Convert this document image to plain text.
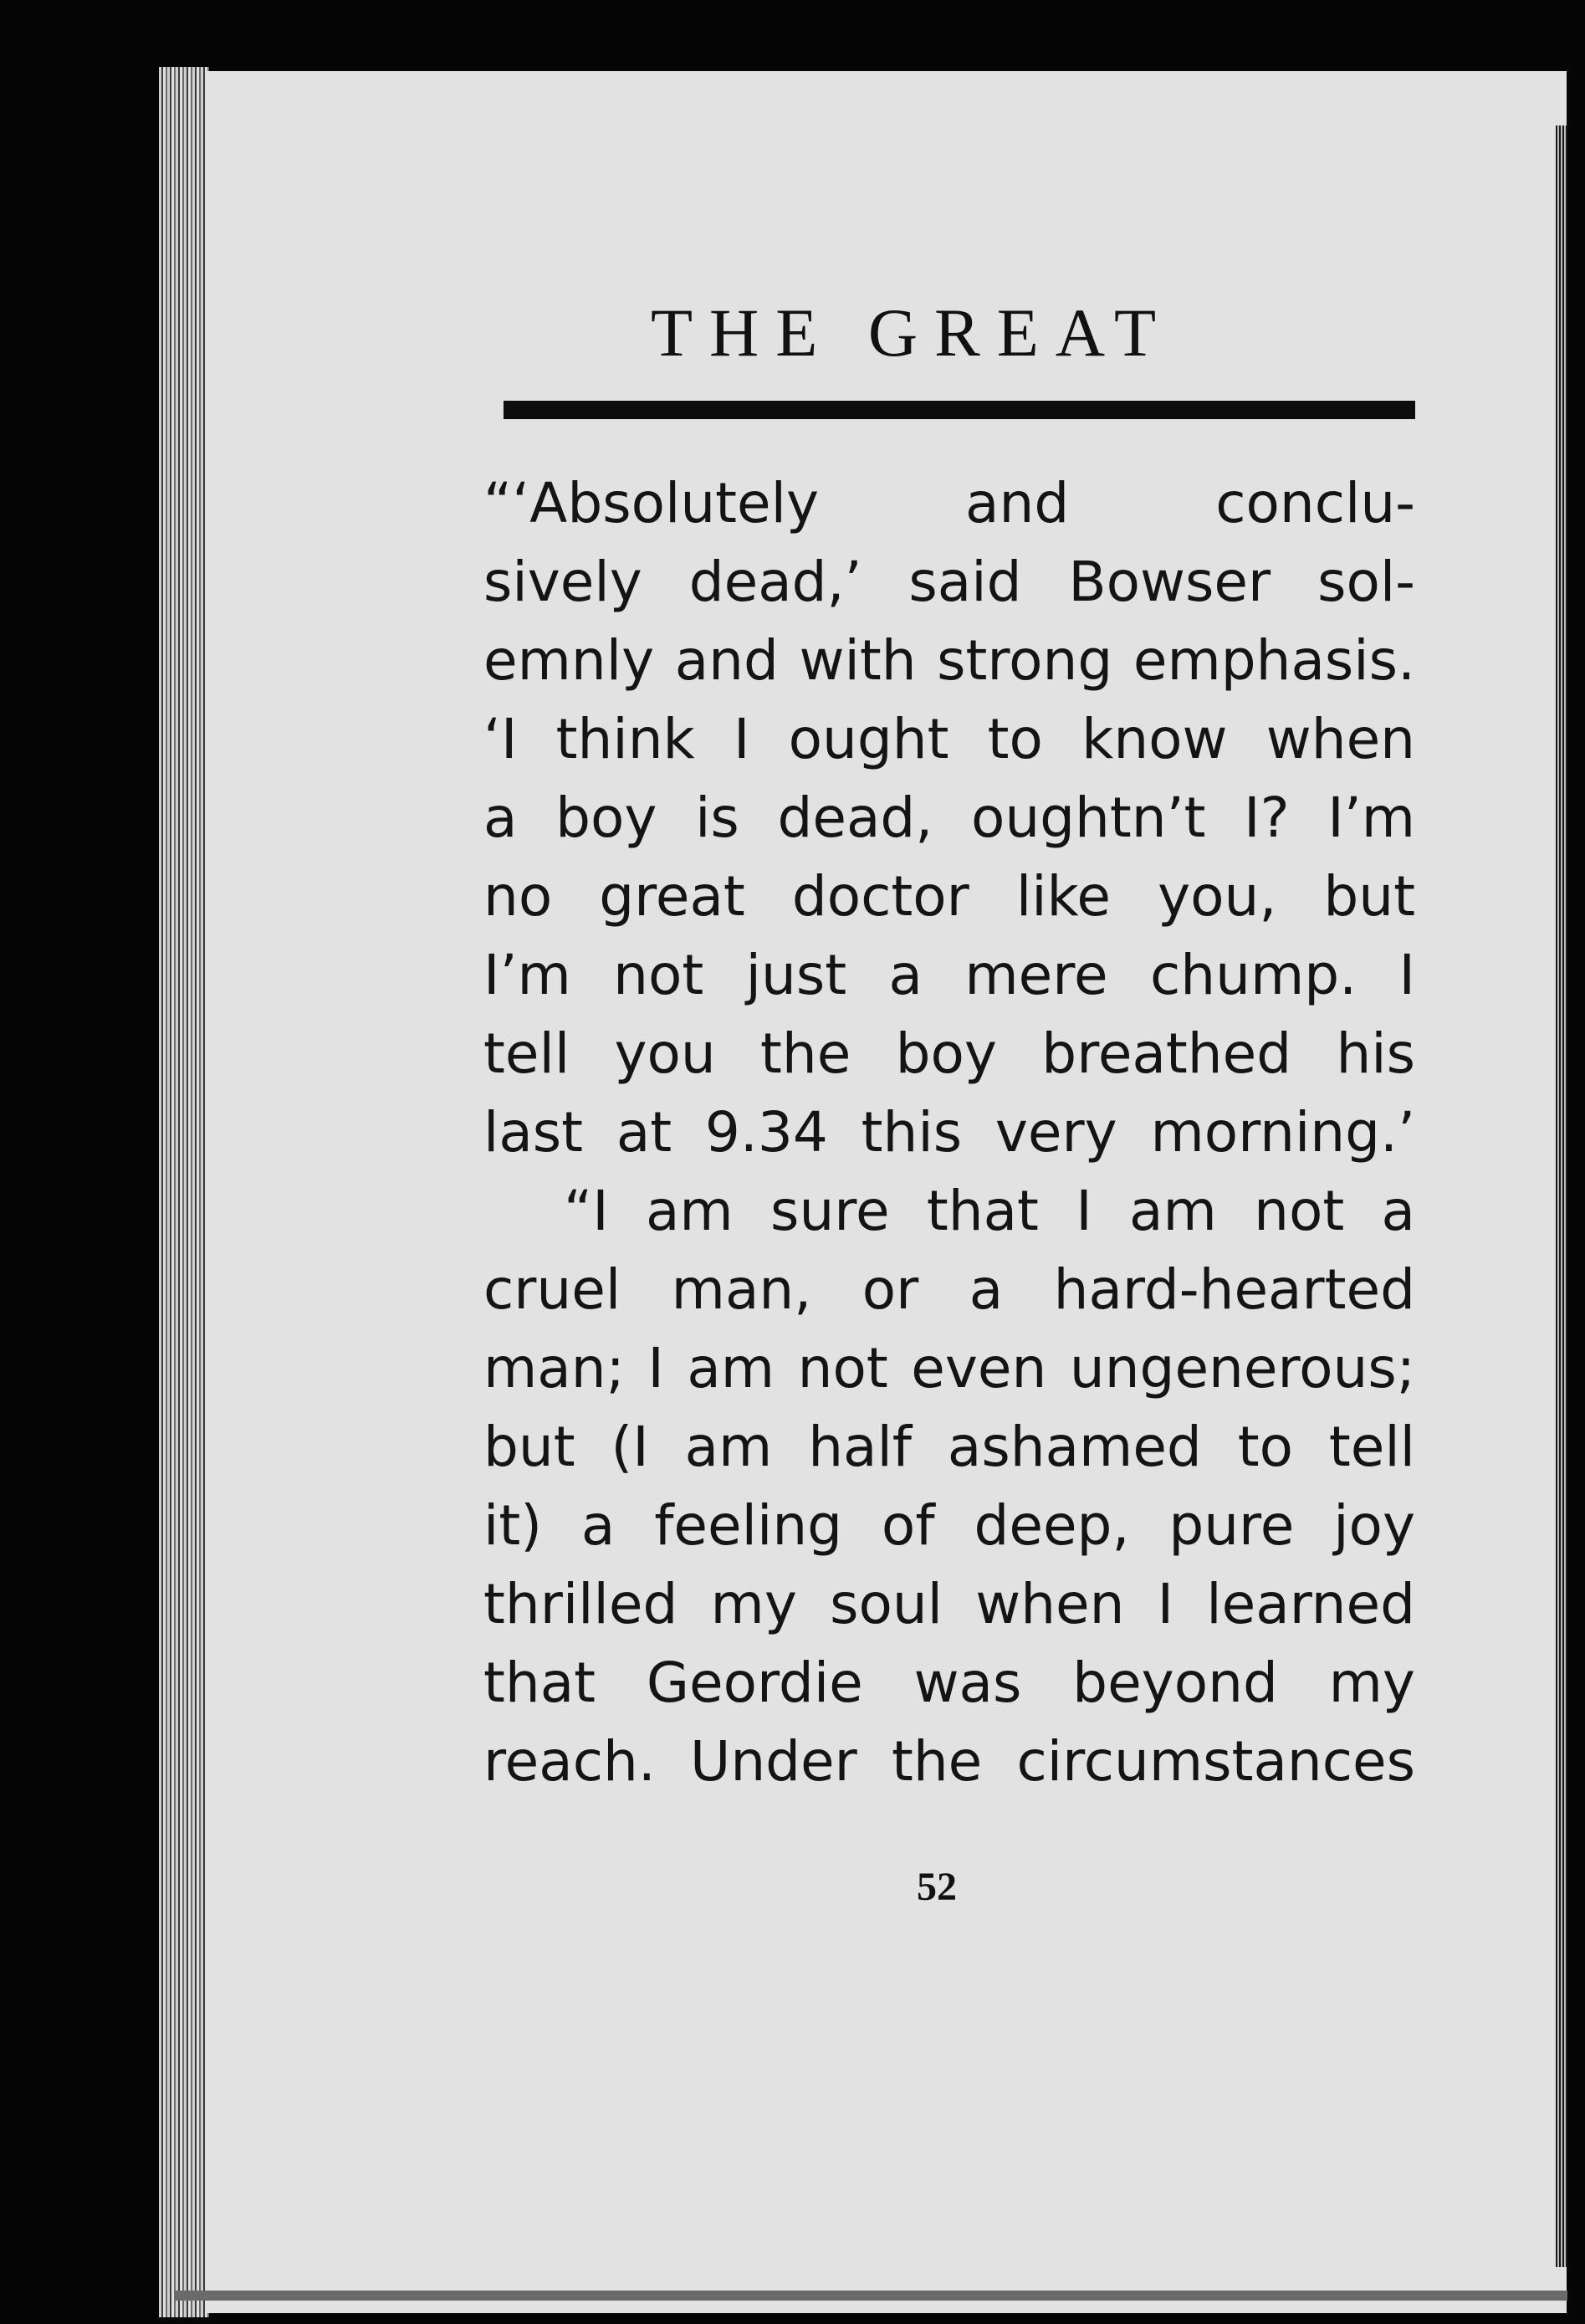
THE GREAT
“‘Absolutely and conclu-
sively dead,’ said Bowser sol-
emnly and with strong emphasis.
‘I think I ought to know when
a boy is dead, oughtn’t I? I’m
no great doctor like you, but
I’m not just a mere chump. I
tell you the boy breathed his
last at 9.34 this very morning.’
“I am sure that I am not a
cruel man, or a hard-hearted
man; I am not even ungenerous;
but (I am half ashamed to tell
it) a feeling of deep, pure joy
thrilled my soul when I learned
that Geordie was beyond my
reach. Under the circumstances

52
